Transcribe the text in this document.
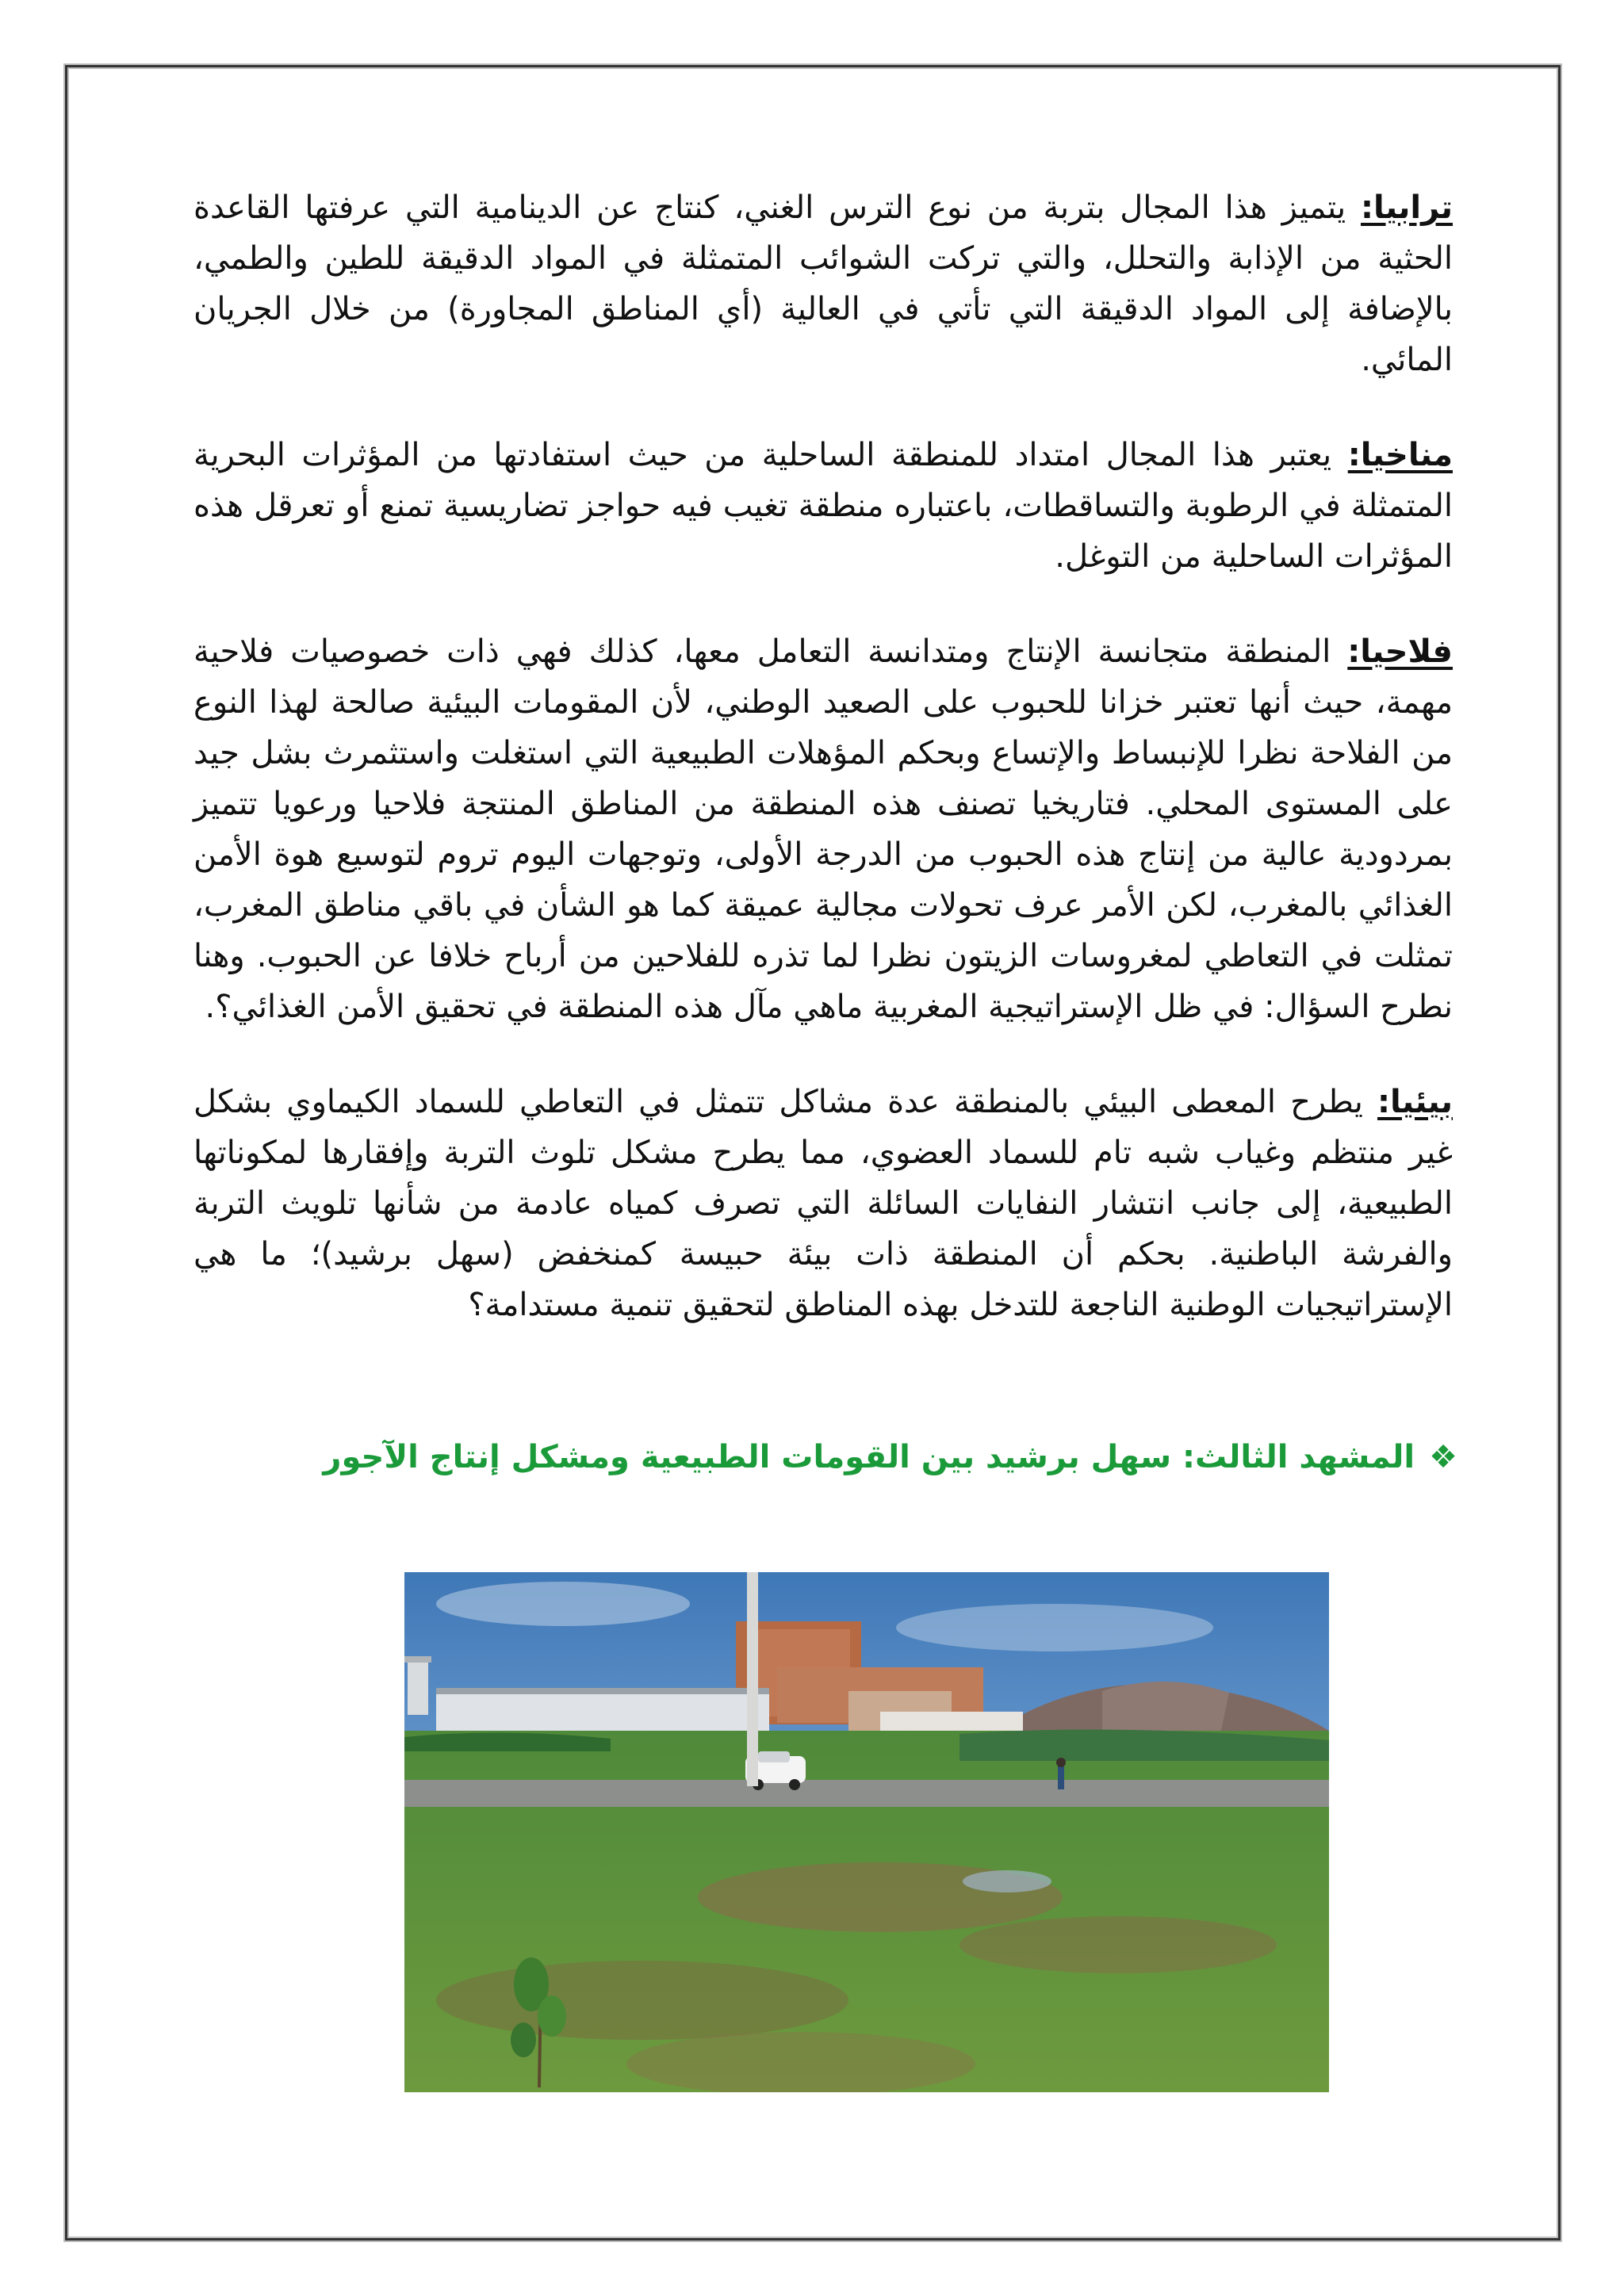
ترابيا: يتميز هذا المجال بتربة من نوع الترس الغني، كنتاج عن الدينامية التي عرفتها القاعدة الحثية من الإذابة والتحلل، والتي تركت الشوائب المتمثلة في المواد الدقيقة للطين والطمي، بالإضافة إلى المواد الدقيقة التي تأتي في العالية (أي المناطق المجاورة) من خلال الجريان المائي.

مناخيا: يعتبر هذا المجال امتداد للمنطقة الساحلية من حيث استفادتها من المؤثرات البحرية المتمثلة في الرطوبة والتساقطات، باعتباره منطقة تغيب فيه حواجز تضاريسية تمنع أو تعرقل هذه المؤثرات الساحلية من التوغل.

فلاحيا: المنطقة متجانسة الإنتاج ومتدانسة التعامل معها، كذلك فهي ذات خصوصيات فلاحية مهمة، حيث أنها تعتبر خزانا للحبوب على الصعيد الوطني، لأن المقومات البيئية صالحة لهذا النوع من الفلاحة نظرا للإنبساط والإتساع وبحكم المؤهلات الطبيعية التي استغلت واستثمرث بشل جيد على المستوى المحلي. فتاريخيا تصنف هذه المنطقة من المناطق المنتجة فلاحيا ورعويا تتميز بمردودية عالية من إنتاج هذه الحبوب من الدرجة الأولى، وتوجهات اليوم تروم لتوسيع هوة الأمن الغذائي بالمغرب، لكن الأمر عرف تحولات مجالية عميقة كما هو الشأن في باقي مناطق المغرب، تمثلت في التعاطي لمغروسات الزيتون نظرا لما تذره للفلاحين من أرباح خلافا عن الحبوب. وهنا نطرح السؤال: في ظل الإستراتيجية المغربية ماهي مآل هذه المنطقة في تحقيق الأمن الغذائي؟.

بيئيا: يطرح المعطى البيئي بالمنطقة عدة مشاكل تتمثل في التعاطي للسماد الكيماوي بشكل غير منتظم وغياب شبه تام للسماد العضوي، مما يطرح مشكل تلوث التربة وإفقارها لمكوناتها الطبيعية، إلى جانب انتشار النفايات السائلة التي تصرف كمياه عادمة من شأنها تلويث التربة والفرشة الباطنية. بحكم أن المنطقة ذات بيئة حبيسة كمنخفض (سهل برشيد)؛ ما هي الإستراتيجيات الوطنية الناجعة للتدخل بهذه المناطق لتحقيق تنمية مستدامة؟

❖المشهد الثالث: سهل برشيد بين القومات الطبيعية ومشكل إنتاج الآجور
